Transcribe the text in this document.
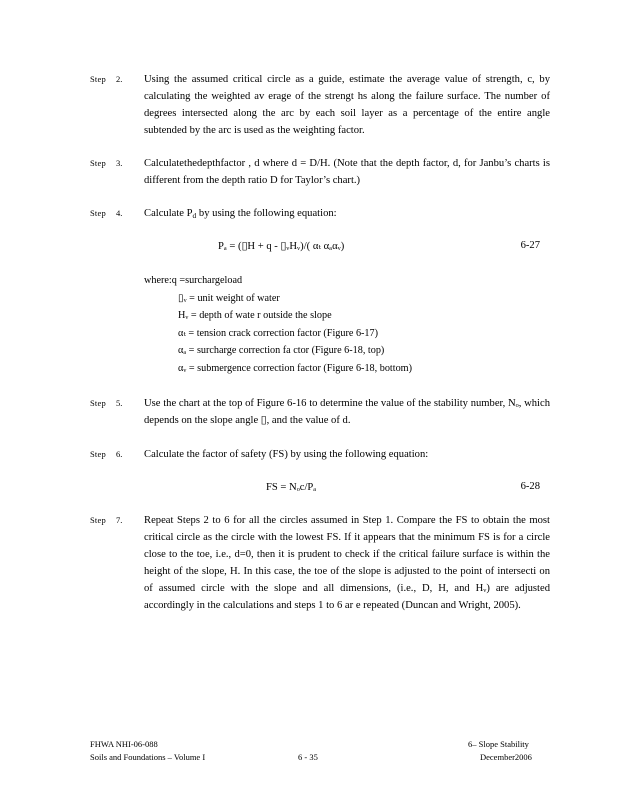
Step 2. Using the assumed critical circle as a guide, estimate the average value of strength, c, by calculating the weighted av erage of the strengt hs along the failure surface. The number of degrees intersected along the arc by each soil layer as a percentage of the entire angle subtended by the arc is used as the weighting factor.
Step 3. Calculatethedepthfactor , d where d = D/H. (Note that the depth factor, d, for Janbu’s charts is different from the depth ratio D for Taylor’s chart.)
Step 4. Calculate $P_d$ by using the following equation:
Pₐ = (▯H + q - ▯ᵥHᵥ)/( αₜ αₐαᵥ)	6-27
where:q =surchargeload
▯ᵥ = unit weight of water
Hᵥ = depth of wate r outside the slope
αₜ = tension crack correction factor (Figure 6-17)
αₐ = surcharge correction fa ctor (Figure 6-18, top)
αᵥ = submergence correction factor (Figure 6-18, bottom)
Step 5. Use the chart at the top of Figure 6-16 to determine the value of the stability number, Nₒ, which depends on the slope angle ▯, and the value of d.
Step 6. Calculate the factor of safety (FS) by using the following equation:
FS = Nₒc/Pₐ	6-28
Step 7. Repeat Steps 2 to 6 for all the circles assumed in Step 1. Compare the FS to obtain the most critical circle as the circle with the lowest FS. If it appears that the minimum FS is for a circle close to the toe, i.e., d=0, then it is prudent to check if the critical failure surface is within the height of the slope, H. In this case, the toe of the slope is adjusted to the point of intersecti on of assumed circle with the slope and all dimensions, (i.e., D, H, and Hᵥ) are adjusted accordingly in the calculations and steps 1 to 6 ar e repeated (Duncan and Wright, 2005).
FHWA NHI-06-088
Soils and Foundations – Volume I	6 - 35
6– Slope Stability
December2006
